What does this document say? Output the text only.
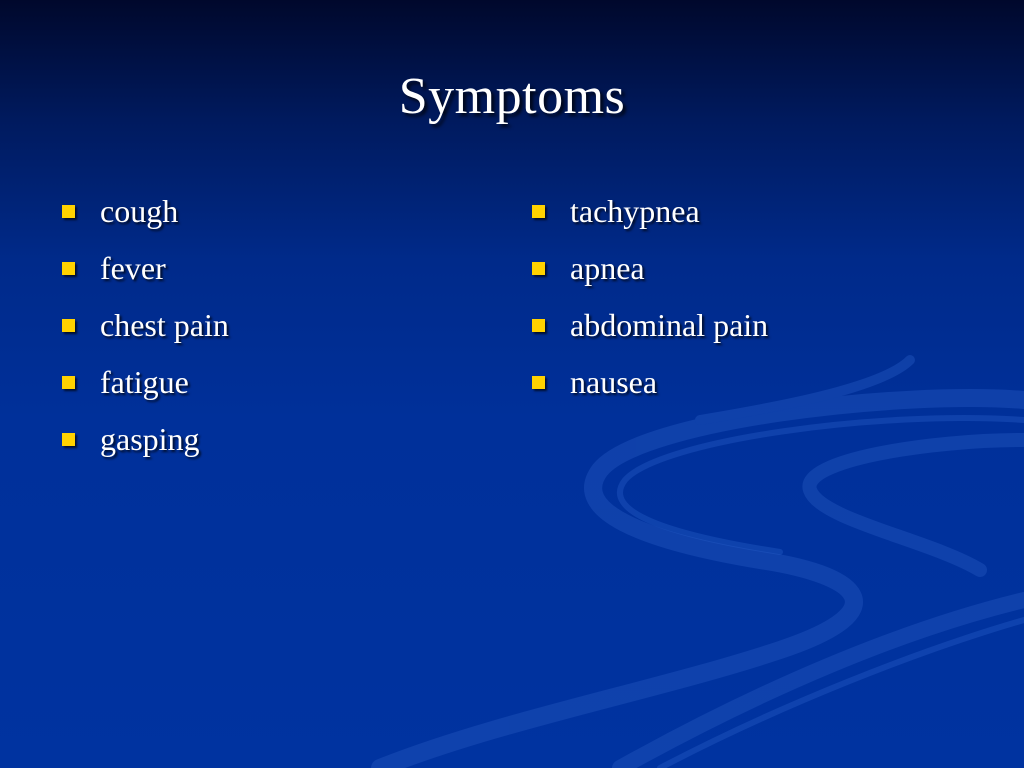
Symptoms
cough
fever
chest pain
fatigue
gasping
tachypnea
apnea
abdominal pain
nausea
